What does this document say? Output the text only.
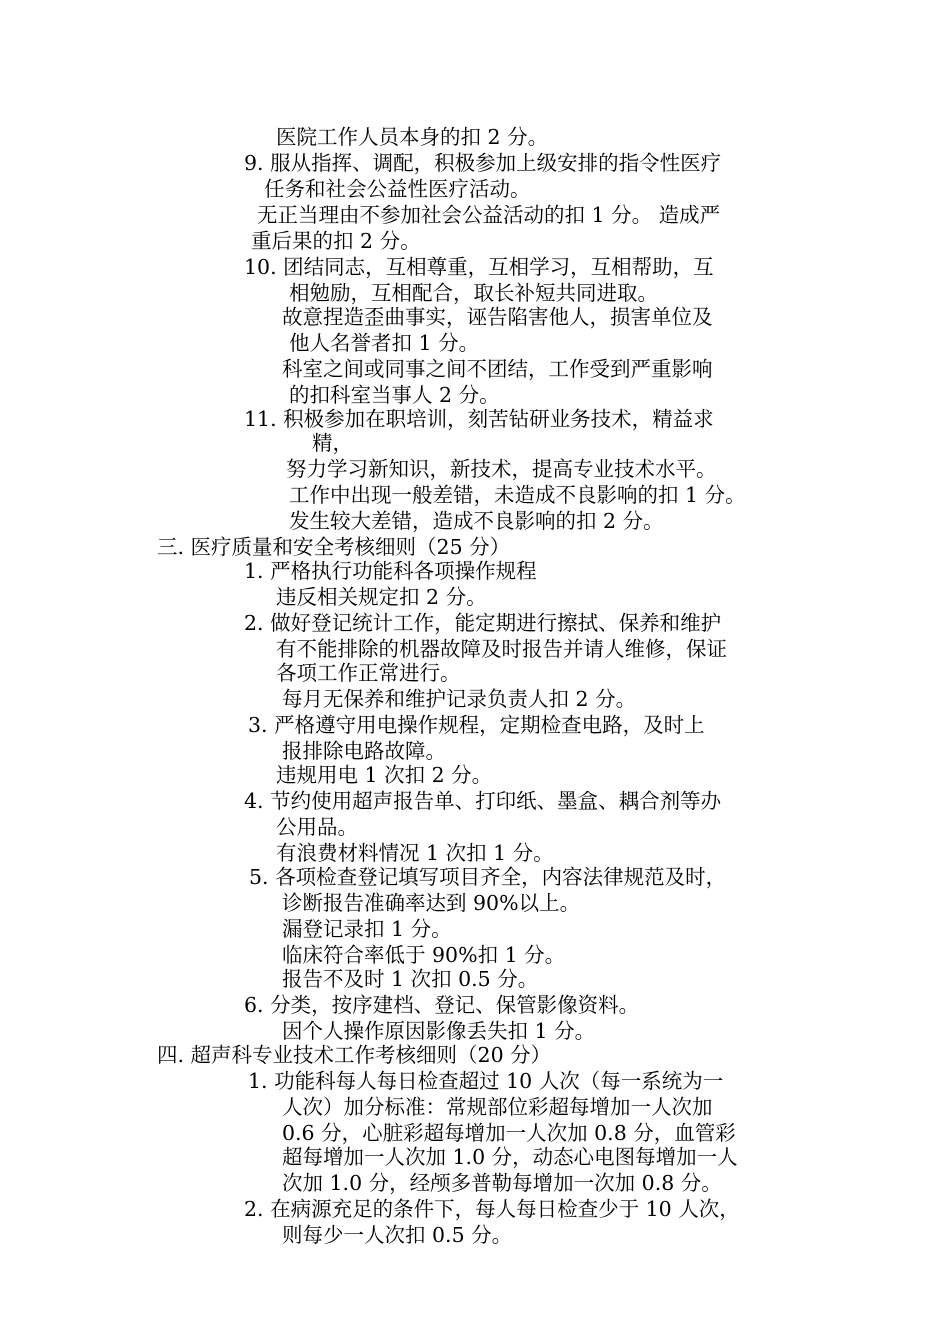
医院工作人员本身的扣 2 分。
9. 服从指挥、调配，积极参加上级安排的指令性医疗
任务和社会公益性医疗活动。
无正当理由不参加社会公益活动的扣 1 分。 造成严
重后果的扣 2 分。
10. 团结同志，互相尊重，互相学习，互相帮助，互
相勉励，互相配合，取长补短共同进取。
故意捏造歪曲事实，诬告陷害他人，损害单位及
他人名誉者扣 1 分。
科室之间或同事之间不团结，工作受到严重影响
的扣科室当事人 2 分。
11. 积极参加在职培训，刻苦钻研业务技术，精益求
精，
努力学习新知识，新技术，提高专业技术水平。
工作中出现一般差错，未造成不良影响的扣 1 分。
发生较大差错，造成不良影响的扣 2 分。
三. 医疗质量和安全考核细则（25 分）
1. 严格执行功能科各项操作规程
违反相关规定扣 2 分。
2. 做好登记统计工作，能定期进行擦拭、保养和维护
有不能排除的机器故障及时报告并请人维修，保证
各项工作正常进行。
每月无保养和维护记录负责人扣 2 分。
3. 严格遵守用电操作规程，定期检查电路，及时上
报排除电路故障。
违规用电 1 次扣 2 分。
4. 节约使用超声报告单、打印纸、墨盒、耦合剂等办
公用品。
有浪费材料情况 1 次扣 1 分。
5. 各项检查登记填写项目齐全，内容法律规范及时，
诊断报告准确率达到 90%以上。
漏登记录扣 1 分。
临床符合率低于 90%扣 1 分。
报告不及时 1 次扣 0.5 分。
6. 分类，按序建档、登记、保管影像资料。
因个人操作原因影像丢失扣 1 分。
四. 超声科专业技术工作考核细则（20 分）
1. 功能科每人每日检查超过 10 人次（每一系统为一
人次）加分标准：常规部位彩超每增加一人次加
0.6 分，心脏彩超每增加一人次加 0.8 分，血管彩
超每增加一人次加 1.0 分，动态心电图每增加一人
次加 1.0 分，经颅多普勒每增加一次加 0.8 分。
2. 在病源充足的条件下，每人每日检查少于 10 人次，
则每少一人次扣 0.5 分。
